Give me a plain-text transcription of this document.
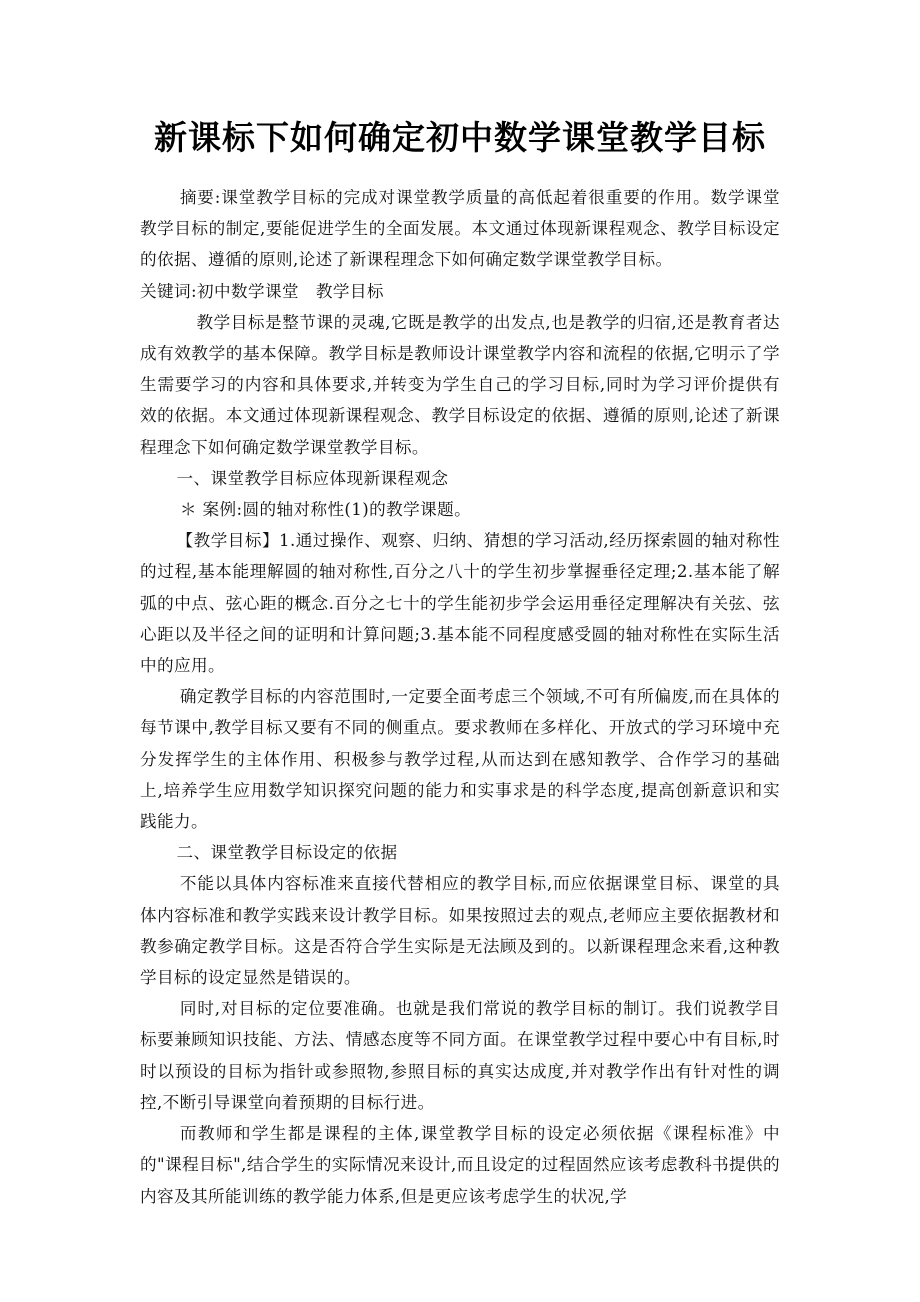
新课标下如何确定初中数学课堂教学目标

摘要:课堂教学目标的完成对课堂教学质量的高低起着很重要的作用。数学课堂教学目标的制定,要能促进学生的全面发展。本文通过体现新课程观念、教学目标设定的依据、遵循的原则,论述了新课程理念下如何确定数学课堂教学目标。

关键词:初中数学课堂　教学目标

教学目标是整节课的灵魂,它既是教学的出发点,也是教学的归宿,还是教育者达成有效教学的基本保障。教学目标是教师设计课堂教学内容和流程的依据,它明示了学生需要学习的内容和具体要求,并转变为学生自己的学习目标,同时为学习评价提供有效的依据。本文通过体现新课程观念、教学目标设定的依据、遵循的原则,论述了新课程理念下如何确定数学课堂教学目标。

一、课堂教学目标应体现新课程观念

＊ 案例:圆的轴对称性(1)的教学课题。

【教学目标】1.通过操作、观察、归纳、猜想的学习活动,经历探索圆的轴对称性的过程,基本能理解圆的轴对称性,百分之八十的学生初步掌握垂径定理;2.基本能了解弧的中点、弦心距的概念.百分之七十的学生能初步学会运用垂径定理解决有关弦、弦心距以及半径之间的证明和计算问题;3.基本能不同程度感受圆的轴对称性在实际生活中的应用。

确定教学目标的内容范围时,一定要全面考虑三个领域,不可有所偏废,而在具体的每节课中,教学目标又要有不同的侧重点。要求教师在多样化、开放式的学习环境中充分发挥学生的主体作用、积极参与教学过程,从而达到在感知教学、合作学习的基础上,培养学生应用数学知识探究问题的能力和实事求是的科学态度,提高创新意识和实践能力。

二、课堂教学目标设定的依据

不能以具体内容标准来直接代替相应的教学目标,而应依据课堂目标、课堂的具体内容标准和教学实践来设计教学目标。如果按照过去的观点,老师应主要依据教材和教参确定教学目标。这是否符合学生实际是无法顾及到的。以新课程理念来看,这种教学目标的设定显然是错误的。

同时,对目标的定位要准确。也就是我们常说的教学目标的制订。我们说教学目标要兼顾知识技能、方法、情感态度等不同方面。在课堂教学过程中要心中有目标,时时以预设的目标为指针或参照物,参照目标的真实达成度,并对教学作出有针对性的调控,不断引导课堂向着预期的目标行进。

而教师和学生都是课程的主体,课堂教学目标的设定必须依据《课程标准》中的"课程目标",结合学生的实际情况来设计,而且设定的过程固然应该考虑教科书提供的内容及其所能训练的教学能力体系,但是更应该考虑学生的状况,学
